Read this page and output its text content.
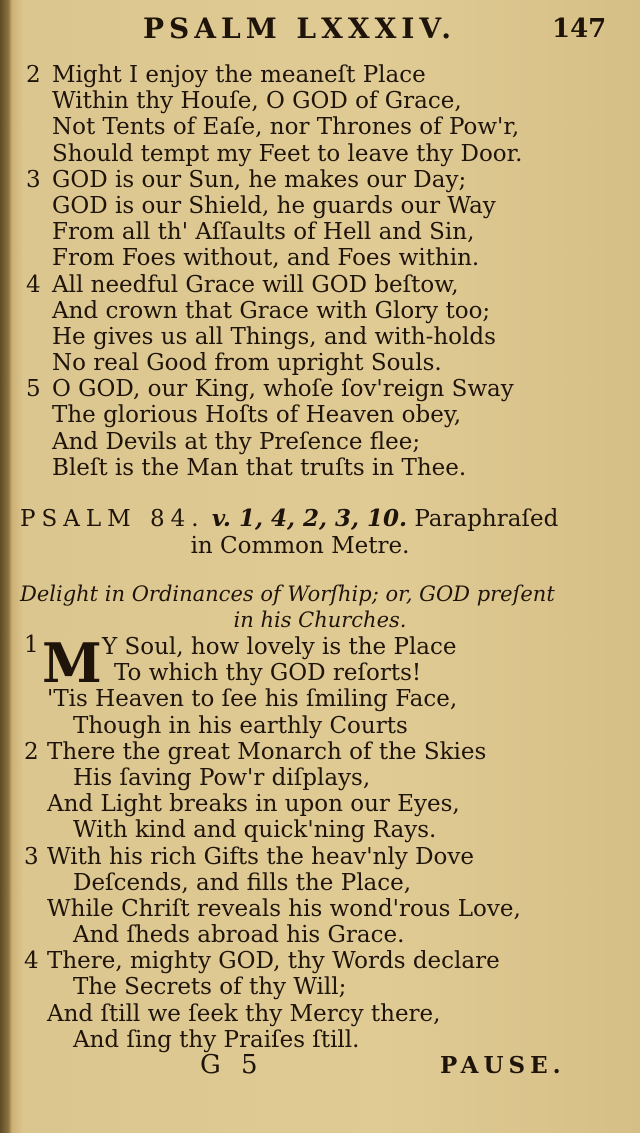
PSALM LXXXIV.	147
2 Might I enjoy the meaneſt Place
Within thy Houſe, O GOD of Grace,
Not Tents of Eaſe, nor Thrones of Pow'r,
Should tempt my Feet to leave thy Door.
3 GOD is our Sun, he makes our Day;
GOD is our Shield, he guards our Way
From all th' Aſſaults of Hell and Sin,
From Foes without, and Foes within.
4 All needful Grace will GOD beſtow,
And crown that Grace with Glory too;
He gives us all Things, and with-holds
No real Good from upright Souls.
5 O GOD, our King, whoſe ſov'reign Sway
The glorious Hoſts of Heaven obey,
And Devils at thy Preſence flee;
Bleſt is the Man that truſts in Thee.
PSALM 84. v. 1, 4, 2, 3, 10. Paraphraſed
in Common Metre.
Delight in Ordinances of Worſhip; or, GOD preſent
in his Churches.
M
1	Y Soul, how lovely is the Place
To which thy GOD reſorts!
'Tis Heaven to ſee his ſmiling Face,
Though in his earthly Courts
2 There the great Monarch of the Skies
His ſaving Pow'r diſplays,
And Light breaks in upon our Eyes,
With kind and quick'ning Rays.
3 With his rich Gifts the heav'nly Dove
Deſcends, and fills the Place,
While Chriſt reveals his wond'rous Love,
And ſheds abroad his Grace.
4 There, mighty GOD, thy Words declare
The Secrets of thy Will;
And ſtill we ſeek thy Mercy there,
And ſing thy Praiſes ſtill.
G 5	PAUSE.
